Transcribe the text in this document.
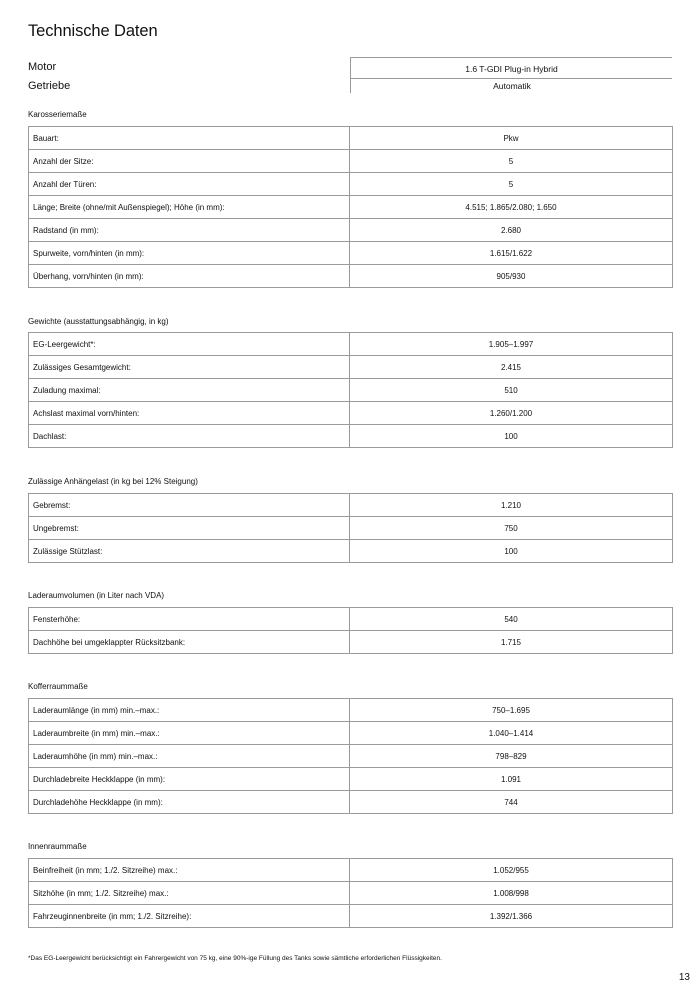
Technische Daten
Motor	1.6 T-GDI Plug-in Hybrid
Getriebe	Automatik
Karosseriemaße
Bauart:	Pkw
Anzahl der Sitze:	5
Anzahl der Türen:	5
Länge; Breite (ohne/mit Außenspiegel); Höhe (in mm):	4.515; 1.865/2.080; 1.650
Radstand (in mm):	2.680
Spurweite, vorn/hinten (in mm):	1.615/1.622
Überhang, vorn/hinten (in mm):	905/930
Gewichte (ausstattungsabhängig, in kg)
EG-Leergewicht*:	1.905–1.997
Zulässiges Gesamtgewicht:	2.415
Zuladung maximal:	510
Achslast maximal vorn/hinten:	1.260/1.200
Dachlast:	100
Zulässige Anhängelast (in kg bei 12% Steigung)
Gebremst:	1.210
Ungebremst:	750
Zulässige Stützlast:	100
Laderaumvolumen (in Liter nach VDA)
Fensterhöhe:	540
Dachhöhe bei umgeklappter Rücksitzbank:	1.715
Kofferraummaße
Laderaumlänge (in mm) min.–max.:	750–1.695
Laderaumbreite (in mm) min.–max.:	1.040–1.414
Laderaumhöhe (in mm) min.–max.:	798–829
Durchladebreite Heckklappe (in mm):	1.091
Durchladehöhe Heckklappe (in mm):	744
Innenraummaße
Beinfreiheit (in mm; 1./2. Sitzreihe) max.:	1.052/955
Sitzhöhe (in mm; 1./2. Sitzreihe) max.:	1.008/998
Fahrzeuginnenbreite (in mm; 1./2. Sitzreihe):	1.392/1.366
*Das EG-Leergewicht berücksichtigt ein Fahrergewicht von 75 kg, eine 90%-ige Füllung des Tanks sowie sämtliche erforderlichen Flüssigkeiten.
13
